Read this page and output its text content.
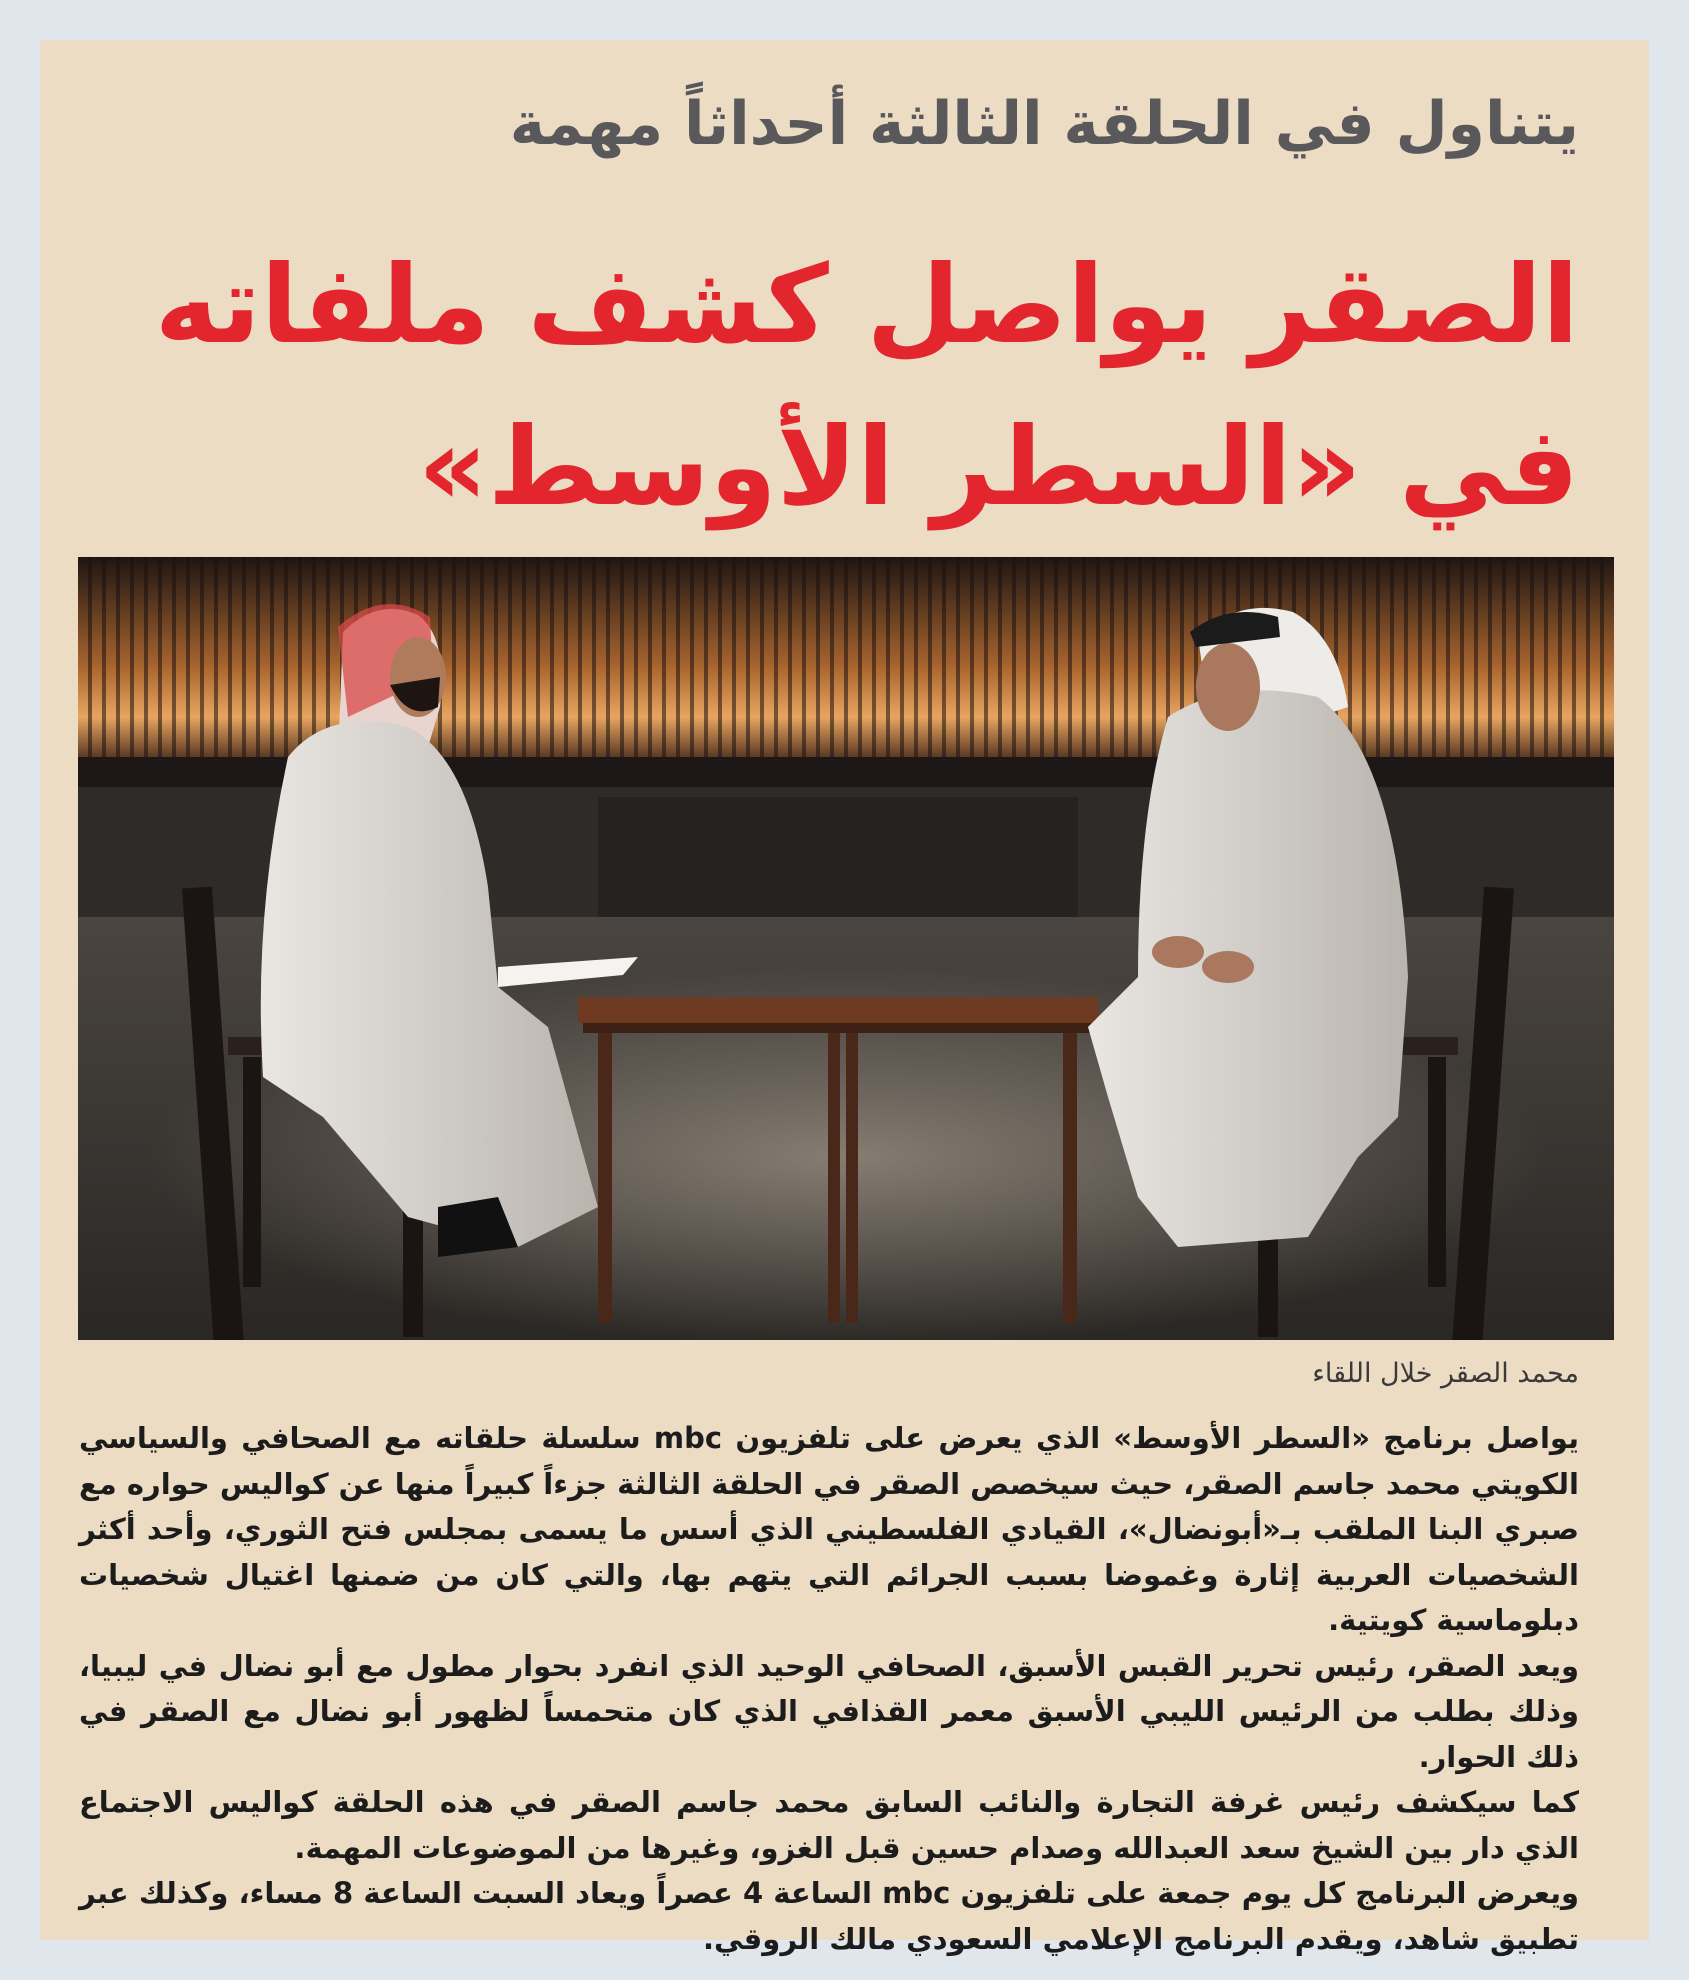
يتناول في الحلقة الثالثة أحداثاً مهمة
الصقر يواصل كشف ملفاته
في «السطر الأوسط»

محمد الصقر خلال اللقاء

يواصل برنامج «السطر الأوسط» الذي يعرض على تلفزيون mbc سلسلة حلقاته مع الصحافي والسياسي الكويتي محمد جاسم الصقر، حيث سيخصص الصقر في الحلقة الثالثة جزءاً كبيراً منها عن كواليس حواره مع صبري البنا الملقب بـ«أبونضال»، القيادي الفلسطيني الذي أسس ما يسمى بمجلس فتح الثوري، وأحد أكثر الشخصيات العربية إثارة وغموضا بسبب الجرائم التي يتهم بها، والتي كان من ضمنها اغتيال شخصيات دبلوماسية كويتية.

ويعد الصقر، رئيس تحرير القبس الأسبق، الصحافي الوحيد الذي انفرد بحوار مطول مع أبو نضال في ليبيا، وذلك بطلب من الرئيس الليبي الأسبق معمر القذافي الذي كان متحمساً لظهور أبو نضال مع الصقر في ذلك الحوار.

كما سيكشف رئيس غرفة التجارة والنائب السابق محمد جاسم الصقر في هذه الحلقة كواليس الاجتماع الذي دار بين الشيخ سعد العبدالله وصدام حسين قبل الغزو، وغيرها من الموضوعات المهمة.

ويعرض البرنامج كل يوم جمعة على تلفزيون mbc الساعة 4 عصراً ويعاد السبت الساعة 8 مساء، وكذلك عبر تطبيق شاهد، ويقدم البرنامج الإعلامي السعودي مالك الروقي.
